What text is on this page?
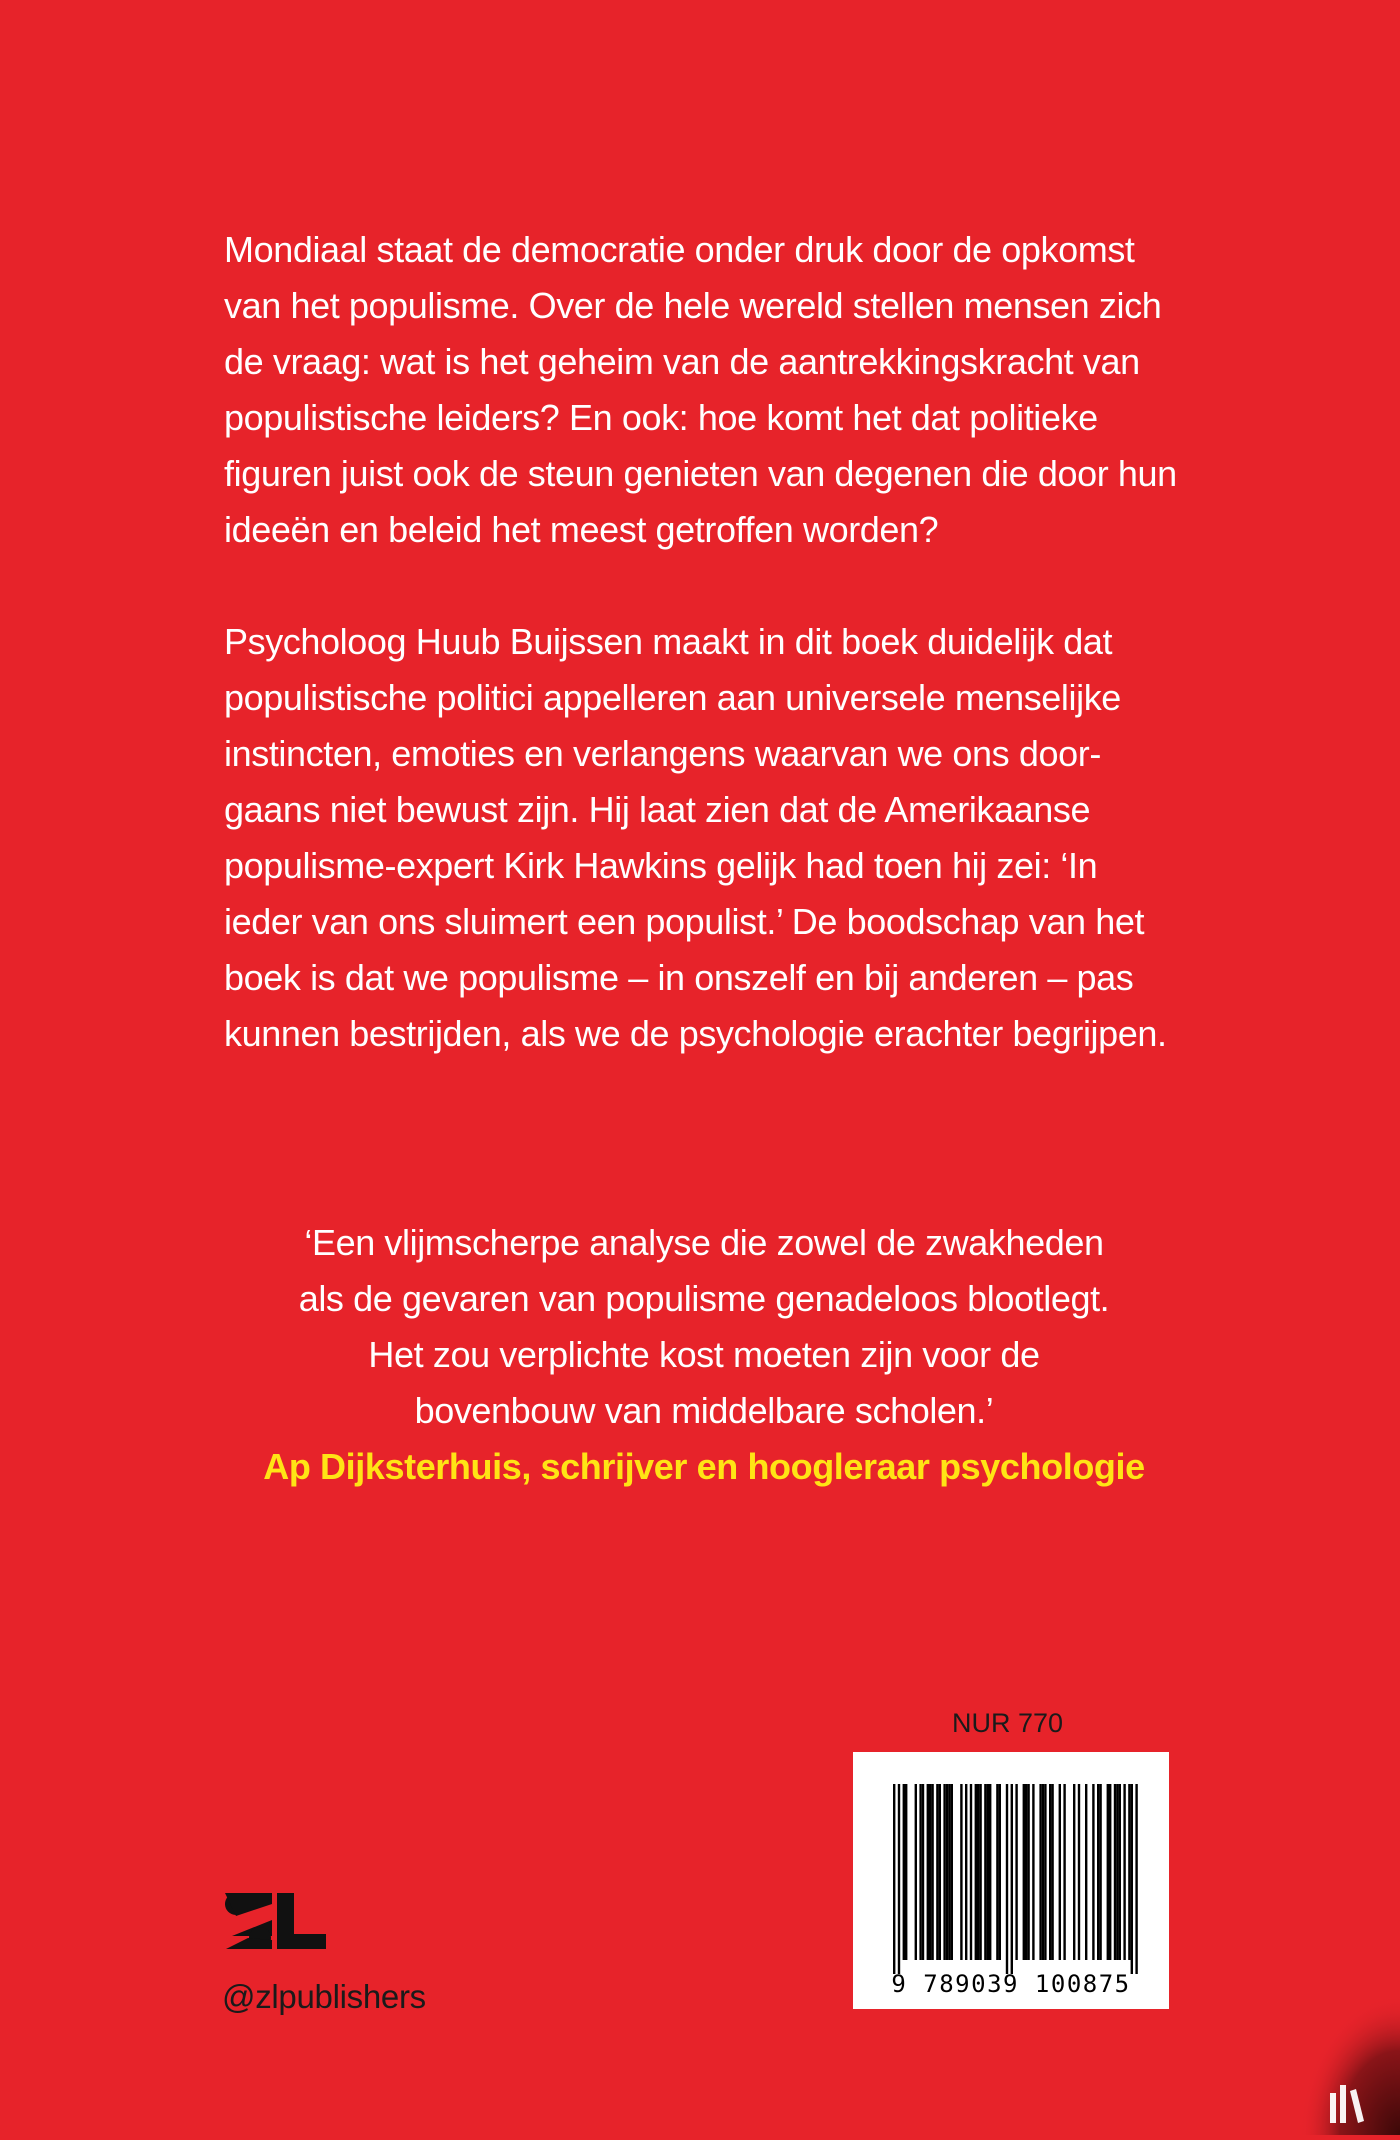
Mondiaal staat de democratie onder druk door de opkomst van het populisme. Over de hele wereld stellen mensen zich de vraag: wat is het geheim van de aantrekkingskracht van populistische leiders? En ook: hoe komt het dat politieke figuren juist ook de steun genieten van degenen die door hun ideeën en beleid het meest getroffen worden?

Psycholoog Huub Buijssen maakt in dit boek duidelijk dat populistische politici appelleren aan universele menselijke instincten, emoties en verlangens waarvan we ons doorgaans niet bewust zijn. Hij laat zien dat de Amerikaanse populisme-expert Kirk Hawkins gelijk had toen hij zei: ‘In ieder van ons sluimert een populist.’ De boodschap van het boek is dat we populisme – in onszelf en bij anderen – pas kunnen bestrijden, als we de psychologie erachter begrijpen.

‘Een vlijmscherpe analyse die zowel de zwakheden
als de gevaren van populisme genadeloos blootlegt.
Het zou verplichte kost moeten zijn voor de
bovenbouw van middelbare scholen.’
Ap Dijksterhuis, schrijver en hoogleraar psychologie
NUR 770
9 789039 100875
@zlpublishers
